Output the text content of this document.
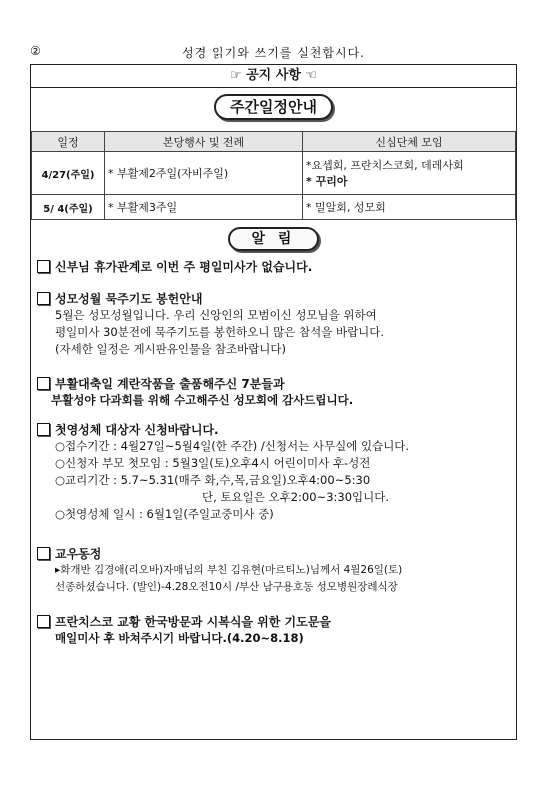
②	성경 읽기와 쓰기를 실천합시다.
☞ 공지 사항 ☜
주간일정안내
일정	본당행사 및 전례	신심단체 모임
4/27(주일)	* 부활제2주일(자비주일)	*요셉회, 프란치스코회, 데레사회
* 꾸리아

5/ 4(주일)	* 부활제3주일	* 밀알회, 성모회
알 림
신부님 휴가관계로 이번 주 평일미사가 없습니다.
성모성월 묵주기도 봉헌안내
5월은 성모성월입니다. 우리 신앙인의 모범이신 성모님을 위하여
평일미사 30분전에 묵주기도를 봉헌하오니 많은 참석을 바랍니다.
(자세한 일정은 게시판유인물을 참조바랍니다)
부활대축일 계란작품을 출품해주신 7분들과
부활성야 다과회를 위해 수고해주신 성모회에 감사드립니다.
첫영성체 대상자 신청바랍니다.
○접수기간 : 4월27일~5월4일(한 주간) /신청서는 사무실에 있습니다.
○신청자 부모 첫모임 : 5월3일(토)오후4시 어린이미사 후-성전
○교리기간 : 5.7~5.31(매주 화,수,목,금요일)오후4:00~5:30
단, 토요일은 오후2:00~3:30입니다.
○첫영성체 일시 : 6월1일(주일교중미사 중)
교우동정
▸화개반 김경애(리오바)자매님의 부친 김유현(마르티노)님께서 4월26일(토)
선종하셨습니다. (발인)-4.28오전10시 /부산 남구용호동 성모병원장례식장
프란치스코 교황 한국방문과 시복식을 위한 기도문을
매일미사 후 바쳐주시기 바랍니다.(4.20~8.18)
